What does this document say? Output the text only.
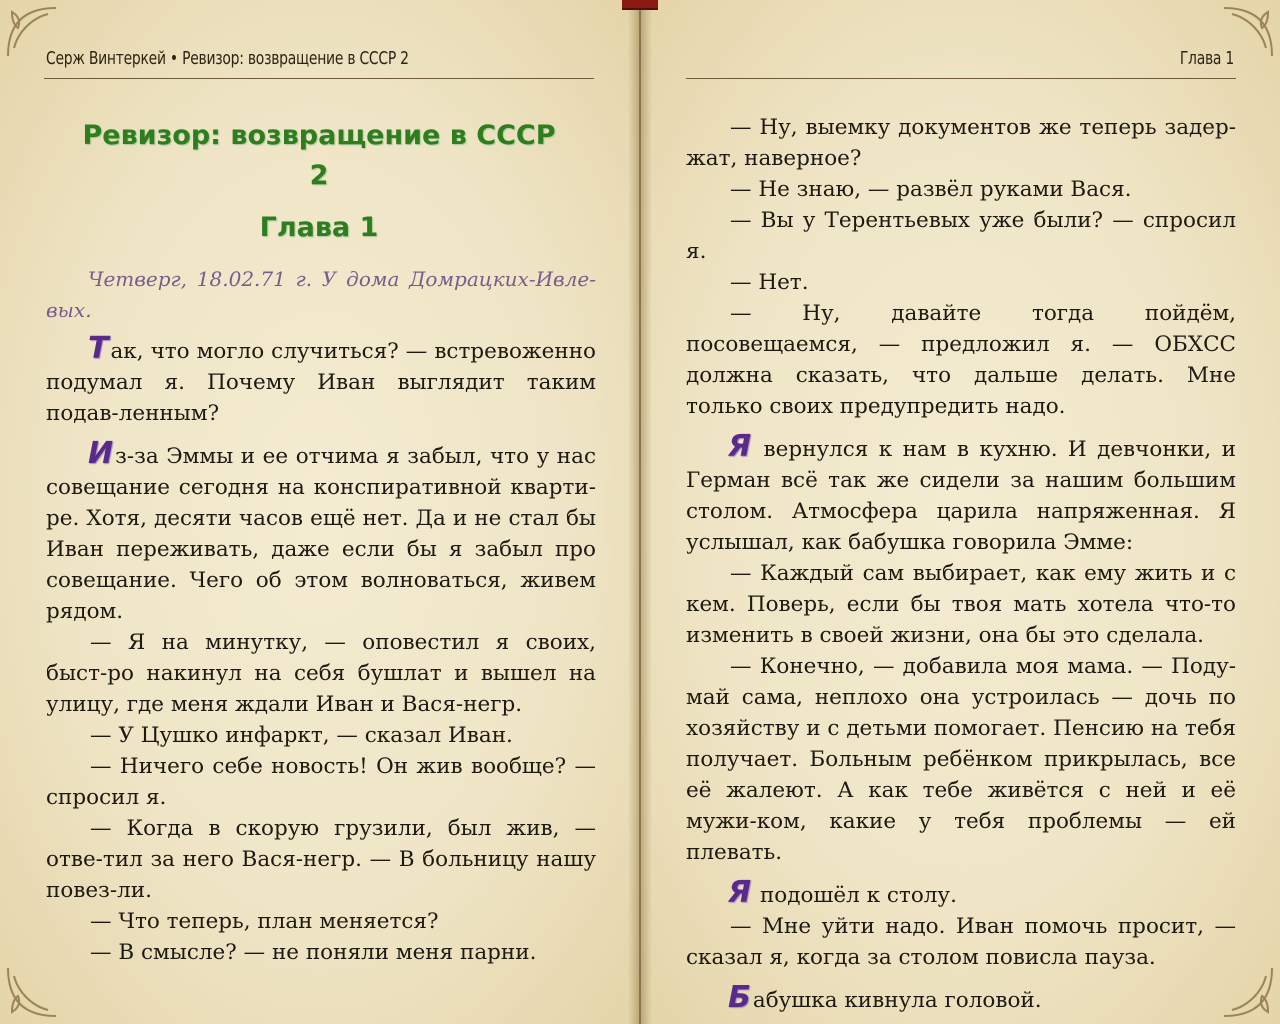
Серж Винтеркей • Ревизор: возвращение в СССР 2
Ревизор: возвращение в СССР
2
Глава 1
Четверг, 18.02.71 г. У дома Домрацких-Ивле-вых.

Так, что могло случиться? — встревоженно подумал я. Почему Иван выглядит таким подав-ленным?

Из-за Эммы и ее отчима я забыл, что у нас совещание сегодня на конспиративной кварти-ре. Хотя, десяти часов ещё нет. Да и не стал бы Иван переживать, даже если бы я забыл про совещание. Чего об этом волноваться, живем рядом.

— Я на минутку, — оповестил я своих, быст-ро накинул на себя бушлат и вышел на улицу, где меня ждали Иван и Вася-негр.

— У Цушко инфаркт, — сказал Иван.

— Ничего себе новость! Он жив вообще? — спросил я.

— Когда в скорую грузили, был жив, — отве-тил за него Вася-негр. — В больницу нашу повез-ли.

— Что теперь, план меняется?

— В смысле? — не поняли меня парни.

Глава 1

— Ну, выемку документов же теперь задер-жат, наверное?

— Не знаю, — развёл руками Вася.

— Вы у Терентьевых уже были? — спросил я.

— Нет.

— Ну, давайте тогда пойдём, посовещаемся, — предложил я. — ОБХСС должна сказать, что дальше делать. Мне только своих предупредить надо.

Я вернулся к нам в кухню. И девчонки, и Герман всё так же сидели за нашим большим столом. Атмосфера царила напряженная. Я услышал, как бабушка говорила Эмме:

— Каждый сам выбирает, как ему жить и с кем. Поверь, если бы твоя мать хотела что-то изменить в своей жизни, она бы это сделала.

— Конечно, — добавила моя мама. — Поду-май сама, неплохо она устроилась — дочь по хозяйству и с детьми помогает. Пенсию на тебя получает. Больным ребёнком прикрылась, все её жалеют. А как тебе живётся с ней и её мужи-ком, какие у тебя проблемы — ей плевать.

Я подошёл к столу.

— Мне уйти надо. Иван помочь просит, — сказал я, когда за столом повисла пауза.

Бабушка кивнула головой.
